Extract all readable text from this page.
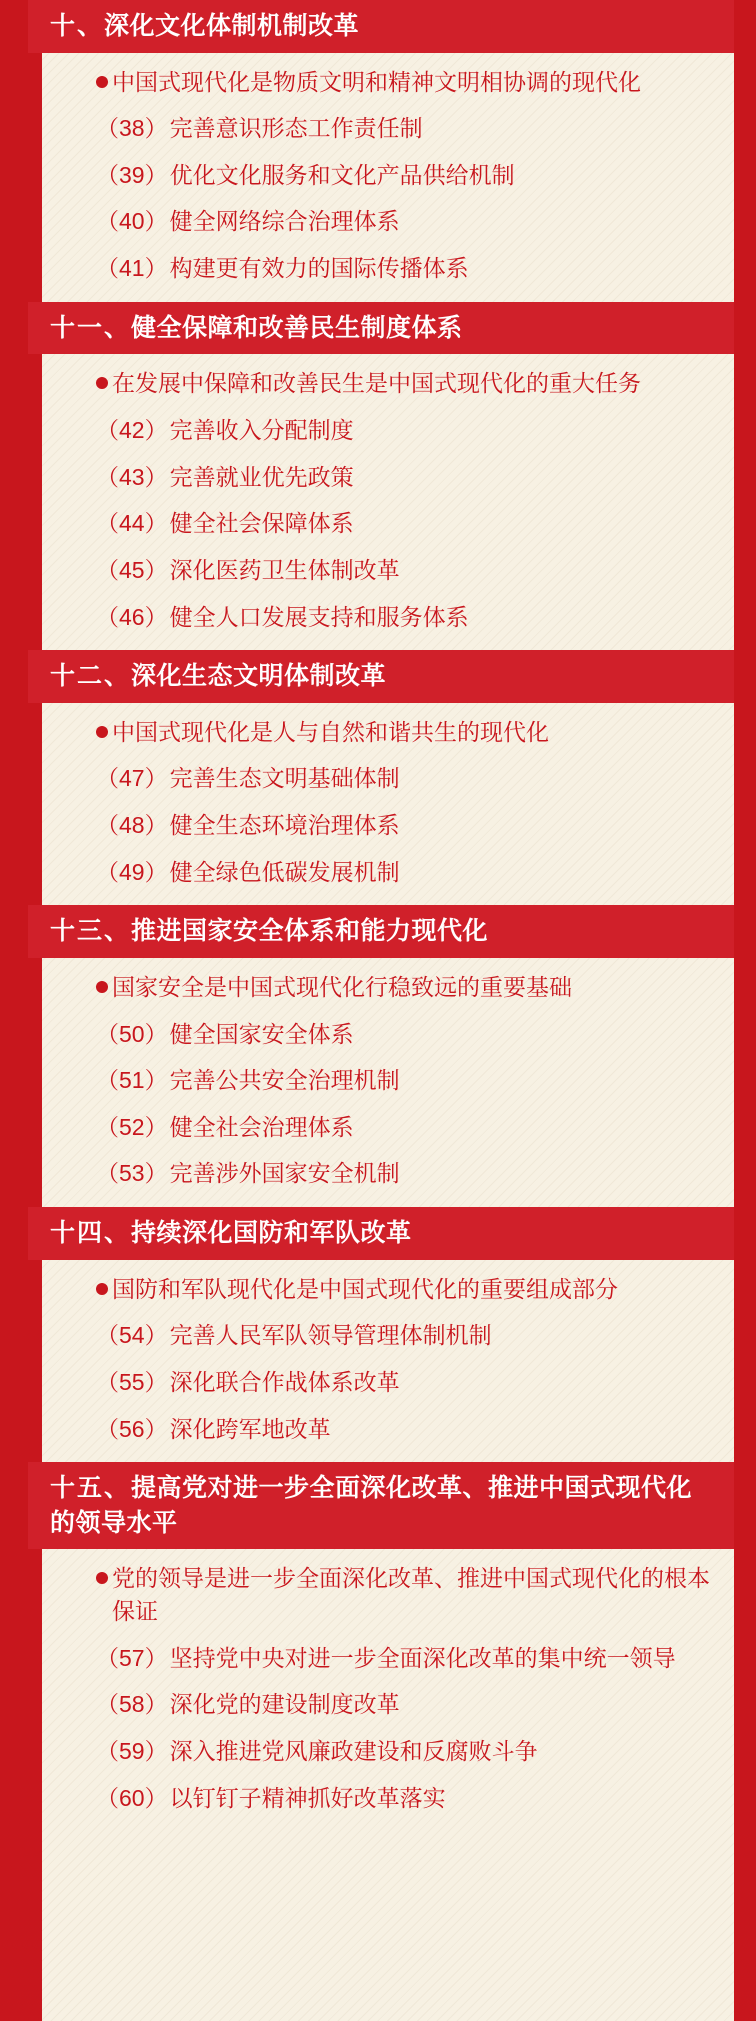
十、深化文化体制机制改革
中国式现代化是物质文明和精神文明相协调的现代化
（38） 完善意识形态工作责任制
（39） 优化文化服务和文化产品供给机制
（40） 健全网络综合治理体系
（41） 构建更有效力的国际传播体系
十一、健全保障和改善民生制度体系
在发展中保障和改善民生是中国式现代化的重大任务
（42） 完善收入分配制度
（43） 完善就业优先政策
（44） 健全社会保障体系
（45） 深化医药卫生体制改革
（46） 健全人口发展支持和服务体系
十二、深化生态文明体制改革
中国式现代化是人与自然和谐共生的现代化
（47） 完善生态文明基础体制
（48） 健全生态环境治理体系
（49） 健全绿色低碳发展机制
十三、推进国家安全体系和能力现代化
国家安全是中国式现代化行稳致远的重要基础
（50） 健全国家安全体系
（51） 完善公共安全治理机制
（52） 健全社会治理体系
（53） 完善涉外国家安全机制
十四、持续深化国防和军队改革
国防和军队现代化是中国式现代化的重要组成部分
（54） 完善人民军队领导管理体制机制
（55） 深化联合作战体系改革
（56） 深化跨军地改革
十五、提高党对进一步全面深化改革、推进中国式现代化的领导水平
党的领导是进一步全面深化改革、推进中国式现代化的根本保证
（57） 坚持党中央对进一步全面深化改革的集中统一领导
（58） 深化党的建设制度改革
（59） 深入推进党风廉政建设和反腐败斗争
（60） 以钉钉子精神抓好改革落实
